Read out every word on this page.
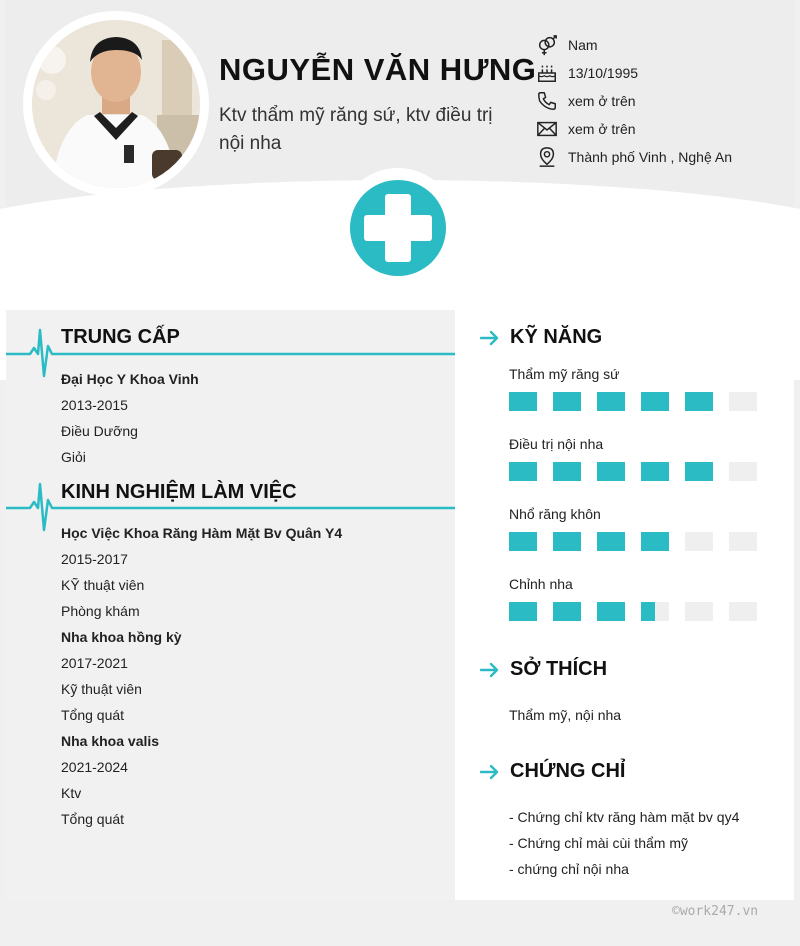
NGUYỄN VĂN HƯNG
Ktv thẩm mỹ răng sứ, ktv điều trị nội nha
Nam
13/10/1995
xem ở trên
xem ở trên
Thành phố Vinh , Nghệ An
TRUNG CẤP
Đại Học Y Khoa Vinh
2013-2015
Điều Dưỡng
Giỏi
KINH NGHIỆM LÀM VIỆC
Học Việc Khoa Răng Hàm Mặt Bv Quân Y4
2015-2017
KỸ thuật viên
Phòng khám
Nha khoa hồng kỳ
2017-2021
Kỹ thuật viên
Tổng quát
Nha khoa valis
2021-2024
Ktv
Tổng quát
KỸ NĂNG
Thẩm mỹ răng sứ
Điều trị nội nha
Nhổ răng khôn
Chỉnh nha
SỞ THÍCH
Thẩm mỹ, nội nha
CHỨNG CHỈ
- Chứng chỉ ktv răng hàm mặt bv qy4
- Chứng chỉ mài cùi thẩm mỹ
- chứng chỉ nội nha
©work247.vn
